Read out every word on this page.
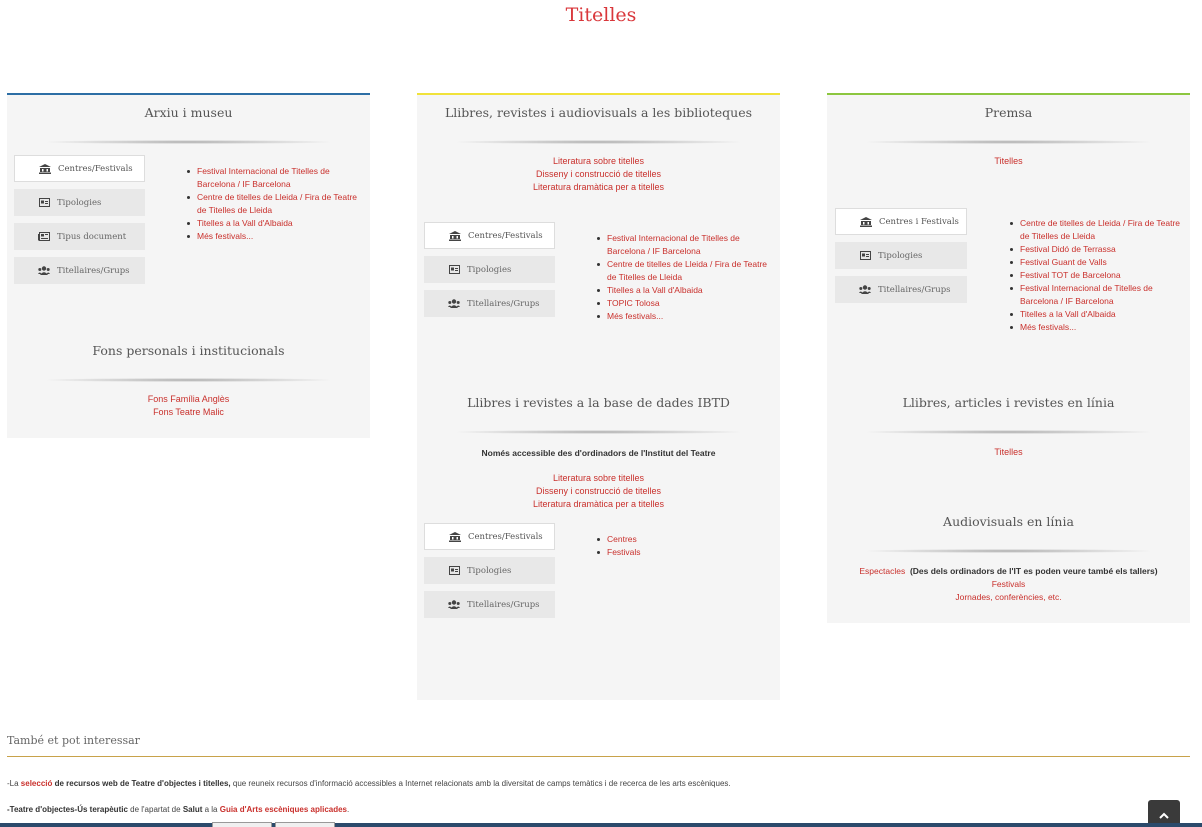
Titelles
Arxiu i museu
Centres/Festivals
Tipologies
Tipus document
Titellaires/Grups
Festival Internacional de Titelles de Barcelona / IF Barcelona
Centre de titelles de Lleida / Fira de Teatre de Titelles de Lleida
Titelles a la Vall d'Albaida
Més festivals...
Fons personals i institucionals
Fons Família Anglès
Fons Teatre Malic
Llibres, revistes i audiovisuals a les biblioteques
Literatura sobre titelles
Disseny i construcció de titelles
Literatura dramàtica per a titelles
Centres/Festivals
Tipologies
Titellaires/Grups
Festival Internacional de Titelles de Barcelona / IF Barcelona
Centre de titelles de Lleida / Fira de Teatre de Titelles de Lleida
Titelles a la Vall d'Albaida
TOPIC Tolosa
Més festivals...
Llibres i revistes a la base de dades IBTD
Només accessible des d'ordinadors de l'Institut del Teatre
Literatura sobre titelles
Disseny i construcció de titelles
Literatura dramàtica per a titelles
Centres/Festivals
Tipologies
Titellaires/Grups
Centres
Festivals
Premsa
Titelles
Centres i Festivals
Tipologies
Titellaires/Grups
Centre de titelles de Lleida / Fira de Teatre de Titelles de Lleida
Festival Didó de Terrassa
Festival Guant de Valls
Festival TOT de Barcelona
Festival Internacional de Titelles de Barcelona / IF Barcelona
Titelles a la Vall d'Albaida
Més festivals...
Llibres, articles i revistes en línia
Titelles
Audiovisuals en línia
Espectacles (Des dels ordinadors de l'IT es poden veure també els tallers)
Festivals
Jornades, conferències, etc.
També et pot interessar
-La selecció de recursos web de Teatre d'objectes i titelles, que reuneix recursos d'informació accessibles a Internet relacionats amb la diversitat de camps temàtics i de recerca de les arts escèniques.
-Teatre d'objectes-Ús terapèutic de l'apartat de Salut a la Guia d'Arts escèniques aplicades.
